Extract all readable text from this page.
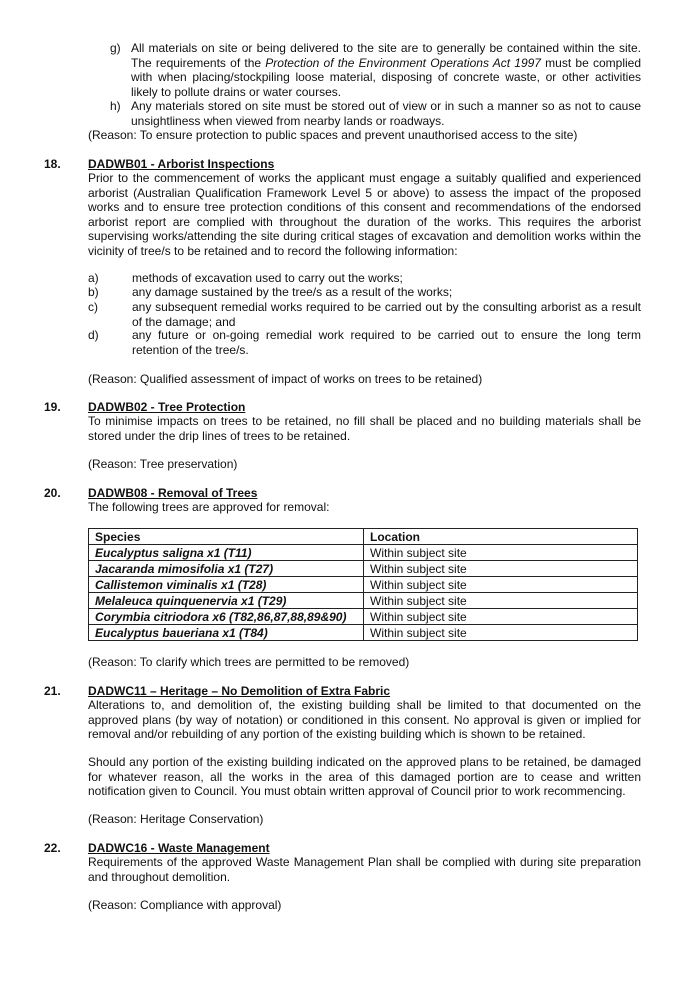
g) All materials on site or being delivered to the site are to generally be contained within the site. The requirements of the Protection of the Environment Operations Act 1997 must be complied with when placing/stockpiling loose material, disposing of concrete waste, or other activities likely to pollute drains or water courses.

h) Any materials stored on site must be stored out of view or in such a manner so as not to cause unsightliness when viewed from nearby lands or roadways.

(Reason: To ensure protection to public spaces and prevent unauthorised access to the site)

18. DADWB01 - Arborist Inspections

Prior to the commencement of works the applicant must engage a suitably qualified and experienced arborist (Australian Qualification Framework Level 5 or above) to assess the impact of the proposed works and to ensure tree protection conditions of this consent and recommendations of the endorsed arborist report are complied with throughout the duration of the works. This requires the arborist supervising works/attending the site during critical stages of excavation and demolition works within the vicinity of tree/s to be retained and to record the following information:

a)	methods of excavation used to carry out the works;

b)	any damage sustained by the tree/s as a result of the works;

c)	any subsequent remedial works required to be carried out by the consulting arborist as a result of the damage; and

d)	any future or on-going remedial work required to be carried out to ensure the long term retention of the tree/s.

(Reason: Qualified assessment of impact of works on trees to be retained)

19. DADWB02 - Tree Protection

To minimise impacts on trees to be retained, no fill shall be placed and no building materials shall be stored under the drip lines of trees to be retained.

(Reason: Tree preservation)

20. DADWB08 - Removal of Trees

The following trees are approved for removal:

Species	Location
Eucalyptus saligna x1 (T11)	Within subject site
Jacaranda mimosifolia x1 (T27)	Within subject site
Callistemon viminalis x1 (T28)	Within subject site
Melaleuca quinquenervia x1 (T29)	Within subject site
Corymbia citriodora x6 (T82,86,87,88,89&90)	Within subject site
Eucalyptus baueriana x1 (T84)	Within subject site

(Reason: To clarify which trees are permitted to be removed)

21. DADWC11 – Heritage – No Demolition of Extra Fabric

Alterations to, and demolition of, the existing building shall be limited to that documented on the approved plans (by way of notation) or conditioned in this consent. No approval is given or implied for removal and/or rebuilding of any portion of the existing building which is shown to be retained.

Should any portion of the existing building indicated on the approved plans to be retained, be damaged for whatever reason, all the works in the area of this damaged portion are to cease and written notification given to Council. You must obtain written approval of Council prior to work recommencing.

(Reason: Heritage Conservation)

22. DADWC16 - Waste Management

Requirements of the approved Waste Management Plan shall be complied with during site preparation and throughout demolition.

(Reason: Compliance with approval)
